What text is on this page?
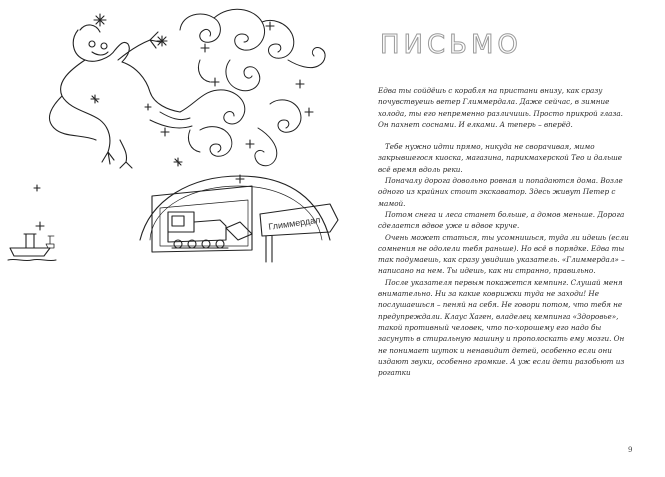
Глиммердал
ПИСЬМО

Едва ты сойдёшь с корабля на пристани внизу, как сразу почувствуешь ветер Глиммердала. Даже сейчас, в зимние холода, ты его непременно различишь. Просто прикрой глаза. Он пахнет соснами. И елками. А теперь – вперёд.

Тебе нужно идти прямо, никуда не сворачивая, мимо закрывшегося киоска, магазина, парикмахерской Тео и дальше всё время вдоль реки.

Поначалу дорога довольно ровная и попадаются дома. Возле одного из крайних стоит экскаватор. Здесь живут Петер с мамой.

Потом снега и леса станет больше, а домов меньше. Дорога сделается вдвое уже и вдвое круче.

Очень может статься, ты усомнишься, туда ли идешь (если сомнения не одолели тебя раньше). Но всё в порядке. Едва ты так подумаешь, как сразу увидишь указатель. «Глиммердал» – написано на нем. Ты идешь, как ни странно, правильно.

После указателя первым покажется кемпинг. Слушай меня внимательно. Ни за какие коврижки туда не заходи! Не послушаешься – пеняй на себя. Не говори потом, что тебя не предупреждали. Клаус Хаген, владелец кемпинга «Здоровье», такой противный человек, что по-хорошему его надо бы засунуть в стиральную машину и прополоскать ему мозги. Он не понимает шуток и ненавидит детей, особенно если они издают звуки, особенно громкие. А уж если дети разобьют из рогатки

9
